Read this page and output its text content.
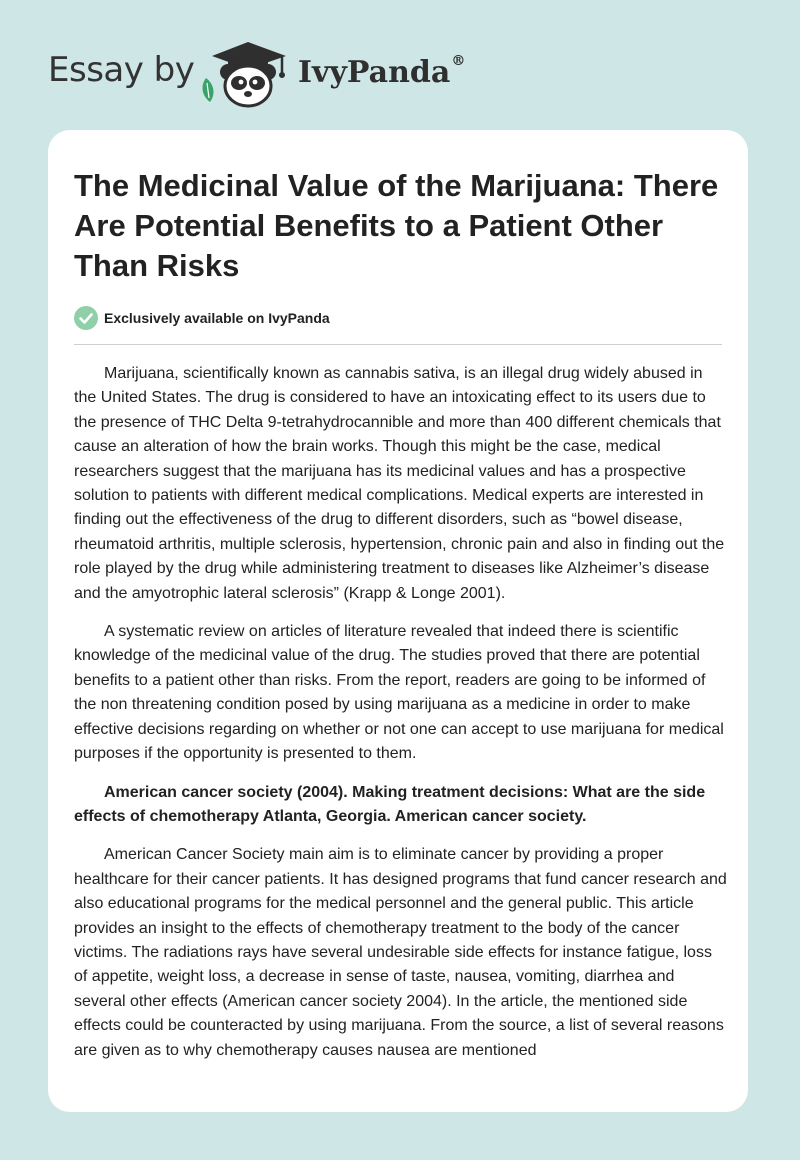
Essay by	IvyPanda®
The Medicinal Value of the Marijuana: There Are Potential Benefits to a Patient Other Than Risks
Exclusively available on IvyPanda

Marijuana, scientifically known as cannabis sativa, is an illegal drug widely abused in the United States. The drug is considered to have an intoxicating effect to its users due to the presence of THC Delta 9-tetrahydrocannible and more than 400 different chemicals that cause an alteration of how the brain works. Though this might be the case, medical researchers suggest that the marijuana has its medicinal values and has a prospective solution to patients with different medical complications. Medical experts are interested in finding out the effectiveness of the drug to different disorders, such as “bowel disease, rheumatoid arthritis, multiple sclerosis, hypertension, chronic pain and also in finding out the role played by the drug while administering treatment to diseases like Alzheimer’s disease and the amyotrophic lateral sclerosis” (Krapp & Longe 2001).

A systematic review on articles of literature revealed that indeed there is scientific knowledge of the medicinal value of the drug. The studies proved that there are potential benefits to a patient other than risks. From the report, readers are going to be informed of the non threatening condition posed by using marijuana as a medicine in order to make effective decisions regarding on whether or not one can accept to use marijuana for medical purposes if the opportunity is presented to them.

American cancer society (2004). Making treatment decisions: What are the side effects of chemotherapy Atlanta, Georgia. American cancer society.

American Cancer Society main aim is to eliminate cancer by providing a proper healthcare for their cancer patients. It has designed programs that fund cancer research and also educational programs for the medical personnel and the general public. This article provides an insight to the effects of chemotherapy treatment to the body of the cancer victims. The radiations rays have several undesirable side effects for instance fatigue, loss of appetite, weight loss, a decrease in sense of taste, nausea, vomiting, diarrhea and several other effects (American cancer society 2004). In the article, the mentioned side effects could be counteracted by using marijuana. From the source, a list of several reasons are given as to why chemotherapy causes nausea are mentioned
